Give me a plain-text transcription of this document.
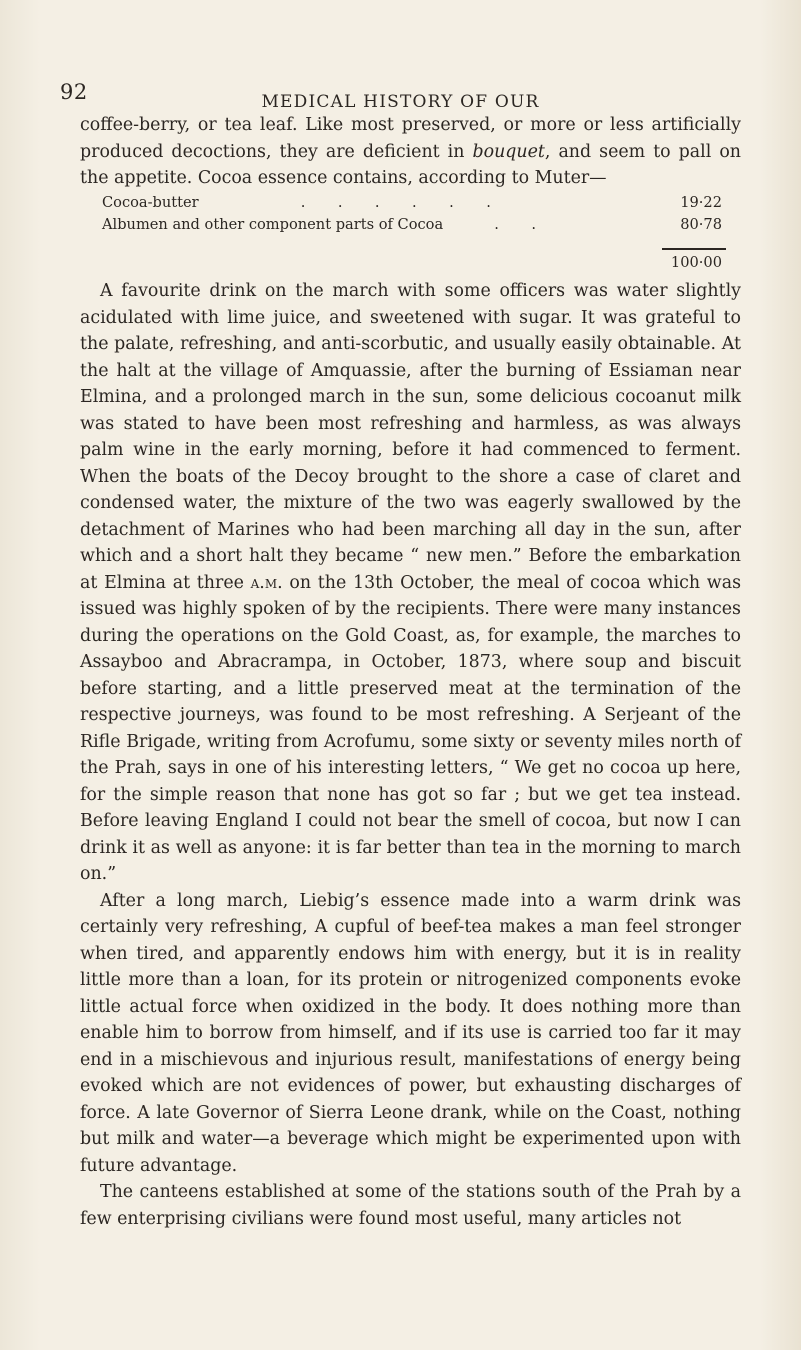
92	MEDICAL HISTORY OF OUR

coffee-berry, or tea leaf. Like most preserved, or more or less artificially produced decoctions, they are deficient in bouquet, and seem to pall on the appetite. Cocoa essence contains, according to Muter—

Cocoa-butter	.       .       .       .       .       .	19·22
Albumen and other component parts of Cocoa	.       .	80·78
100·00

A favourite drink on the march with some officers was water slightly acidulated with lime juice, and sweetened with sugar. It was grateful to the palate, refreshing, and anti-scorbutic, and usually easily obtainable. At the halt at the village of Amquassie, after the burning of Essiaman near Elmina, and a prolonged march in the sun, some delicious cocoanut milk was stated to have been most refreshing and harmless, as was always palm wine in the early morning, before it had commenced to ferment. When the boats of the Decoy brought to the shore a case of claret and condensed water, the mixture of the two was eagerly swallowed by the detachment of Marines who had been marching all day in the sun, after which and a short halt they became “ new men.” Before the embarkation at Elmina at three a.m. on the 13th October, the meal of cocoa which was issued was highly spoken of by the recipients. There were many instances during the operations on the Gold Coast, as, for example, the marches to Assayboo and Abracrampa, in October, 1873, where soup and biscuit before starting, and a little preserved meat at the termination of the respective journeys, was found to be most refreshing. A Serjeant of the Rifle Brigade, writing from Acrofumu, some sixty or seventy miles north of the Prah, says in one of his interesting letters, “ We get no cocoa up here, for the simple reason that none has got so far ; but we get tea instead. Before leaving England I could not bear the smell of cocoa, but now I can drink it as well as anyone: it is far better than tea in the morning to march on.”

After a long march, Liebig’s essence made into a warm drink was certainly very refreshing, A cupful of beef-tea makes a man feel stronger when tired, and apparently endows him with energy, but it is in reality little more than a loan, for its protein or nitrogenized components evoke little actual force when oxidized in the body. It does nothing more than enable him to borrow from himself, and if its use is carried too far it may end in a mischievous and injurious result, manifestations of energy being evoked which are not evidences of power, but exhausting discharges of force. A late Governor of Sierra Leone drank, while on the Coast, nothing but milk and water—a beverage which might be experimented upon with future advantage.

The canteens established at some of the stations south of the Prah by a few enterprising civilians were found most useful, many articles not
